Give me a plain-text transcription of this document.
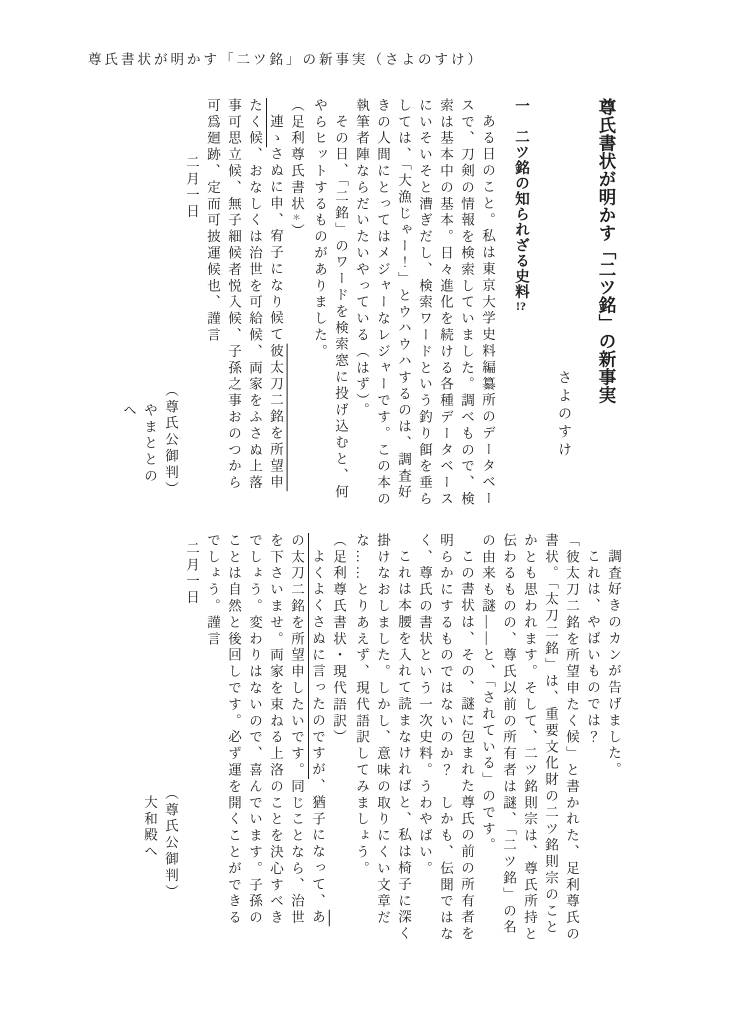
尊氏書状が明かす「二ツ銘」の新事実（さよのすけ）
尊氏書状が明かす「二ツ銘」の新事実
さよのすけ
一　二ツ銘の知られざる史料!?

ある日のこと。私は東京大学史料編纂所のデータベースで、刀剣の情報を検索していました。調べもので、検索は基本中の基本。日々進化を続ける各種データベースにいそいそと漕ぎだし、検索ワードという釣り餌を垂らしては、「大漁じゃー！」とウハウハするのは、調査好きの人間にとってはメジャーなレジャーです。この本の執筆者陣ならだいたいやっている（はず）。

その日、「二銘」のワードを検索窓に投げ込むと、何やらヒットするものがありました。

（足利尊氏書状＊）

連ゝさぬに申、宥子になり候て彼太刀二銘を所望申たく候、おなしくは治世を可給候、両家をふさぬ上落事可思立候、無子細候者悦入候、子孫之事おのつから可爲廻跡、定而可披運候也、謹言

二月一日

（尊氏公御判）

やまととのへ

調査好きのカンが告げました。

これは、やばいものでは？

「彼太刀二銘を所望申たく候」と書かれた、足利尊氏の書状。「太刀二銘」は、重要文化財の二ツ銘則宗のことかとも思われます。そして、二ツ銘則宗は、尊氏所持と伝わるものの、尊氏以前の所有者は謎、「二ツ銘」の名の由来も謎――と、「されている」のです。

この書状は、その、謎に包まれた尊氏の前の所有者を明らかにするものではないのか？　しかも、伝聞ではなく、尊氏の書状という一次史料。うわやばい。

これは本腰を入れて読まなければと、私は椅子に深く掛けなおしました。しかし、意味の取りにくい文章だな……とりあえず、現代語訳してみましょう。

（足利尊氏書状・現代語訳）

よくよくさぬに言ったのですが、猶子になって、あの太刀二銘を所望申したいです。同じことなら、治世を下さいませ。両家を束ねる上洛のことを決心すべきでしょう。変わりはないので、喜んでいます。子孫のことは自然と後回しです。必ず運を開くことができるでしょう。謹言

二月一日

（尊氏公御判）

大和殿へ
